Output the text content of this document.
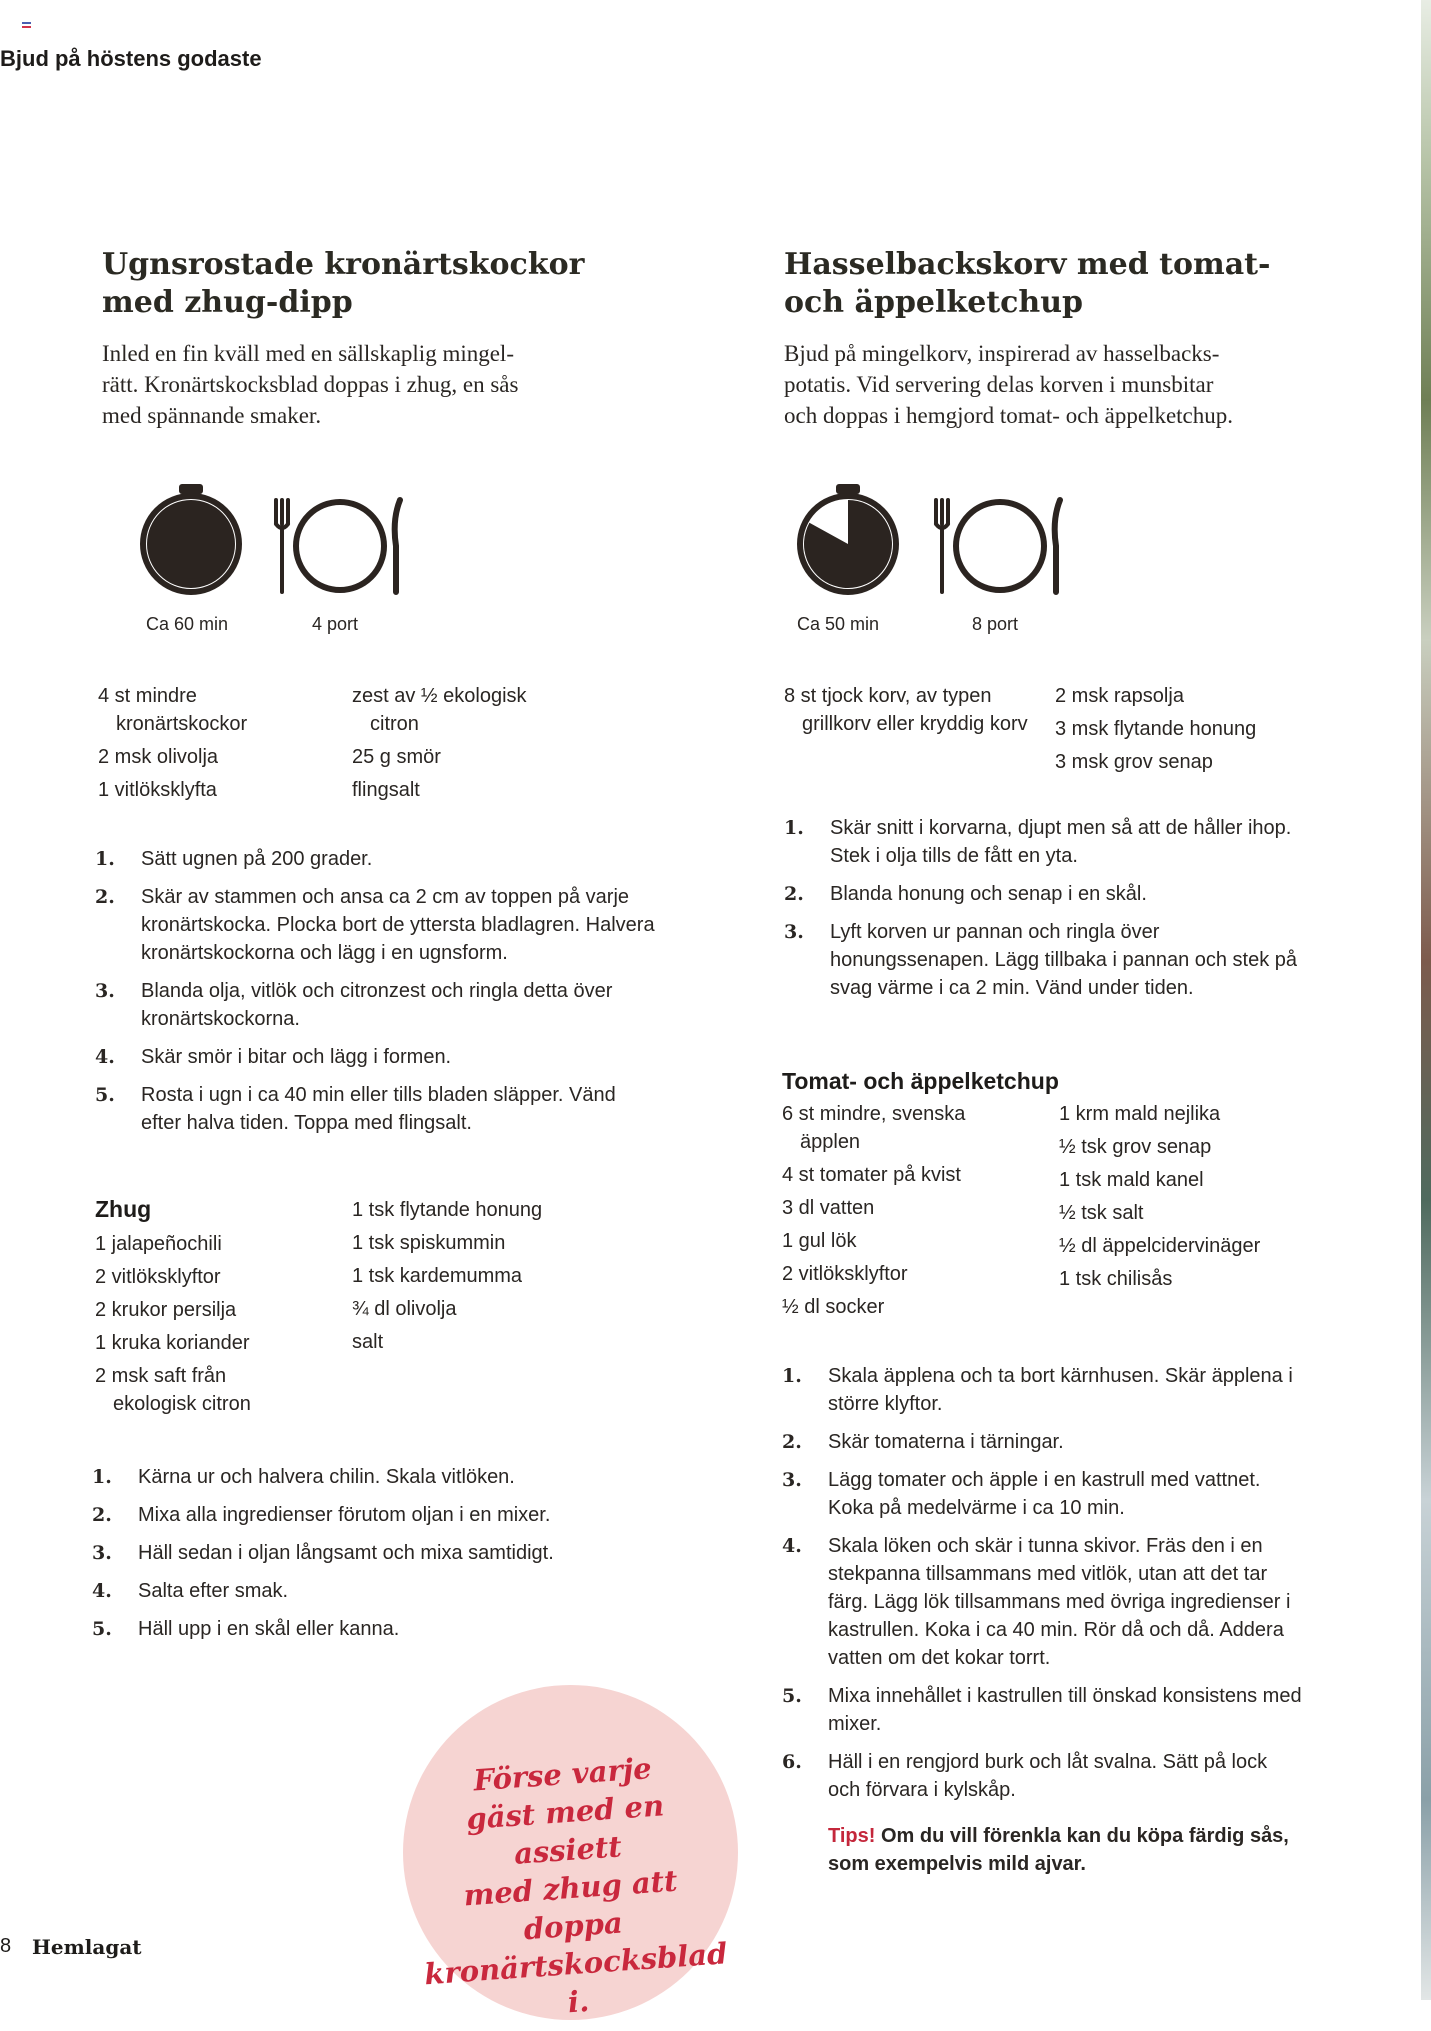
Bjud på höstens godaste
Ugnsrostade kronärtskockor
med zhug-dipp

Inled en fin kväll med en sällskaplig mingel-
rätt. Kronärtskocksblad doppas i zhug, en sås
med spännande smaker.

Ca 60 min	4 port
4 st mindre kronärtskockor
2 msk olivolja
1 vitlöksklyfta
zest av ½ ekologisk citron
25 g smör
flingsalt
1. Sätt ugnen på 200 grader.
2. Skär av stammen och ansa ca 2 cm av toppen på varje kronärtskocka. Plocka bort de yttersta bladlagren. Halvera kronärtskockorna och lägg i en ugnsform.
3. Blanda olja, vitlök och citronzest och ringla detta över kronärtskockorna.
4. Skär smör i bitar och lägg i formen.
5. Rosta i ugn i ca 40 min eller tills bladen släpper. Vänd efter halva tiden. Toppa med flingsalt.
Zhug
1 jalapeñochili
2 vitlöksklyftor
2 krukor persilja
1 kruka koriander
2 msk saft från ekologisk citron
1 tsk flytande honung
1 tsk spiskummin
1 tsk kardemumma
¾ dl olivolja
salt
1. Kärna ur och halvera chilin. Skala vitlöken.
2. Mixa alla ingredienser förutom oljan i en mixer.
3. Häll sedan i oljan långsamt och mixa samtidigt.
4. Salta efter smak.
5. Häll upp i en skål eller kanna.
Förse varje
gäst med en assiett
med zhug att doppa
kronärtskocksblad i.
Hasselbackskorv med tomat-
och äppelketchup

Bjud på mingelkorv, inspirerad av hasselbacks-
potatis. Vid servering delas korven i munsbitar
och doppas i hemgjord tomat- och äppelketchup.

Ca 50 min	8 port
8 st tjock korv, av typen grillkorv eller kryddig korv
2 msk rapsolja
3 msk flytande honung
3 msk grov senap
1. Skär snitt i korvarna, djupt men så att de håller ihop. Stek i olja tills de fått en yta.
2. Blanda honung och senap i en skål.
3. Lyft korven ur pannan och ringla över honungssenapen. Lägg tillbaka i pannan och stek på svag värme i ca 2 min. Vänd under tiden.
Tomat- och äppelketchup
6 st mindre, svenska äpplen
4 st tomater på kvist
3 dl vatten
1 gul lök
2 vitlöksklyftor
½ dl socker
1 krm mald nejlika
½ tsk grov senap
1 tsk mald kanel
½ tsk salt
½ dl äppelcidervinäger
1 tsk chilisås
1. Skala äpplena och ta bort kärnhusen. Skär äpplena i större klyftor.
2. Skär tomaterna i tärningar.
3. Lägg tomater och äpple i en kastrull med vattnet. Koka på medelvärme i ca 10 min.
4. Skala löken och skär i tunna skivor. Fräs den i en stekpanna tillsammans med vitlök, utan att det tar färg. Lägg lök tillsammans med övriga ingredienser i kastrullen. Koka i ca 40 min. Rör då och då. Addera vatten om det kokar torrt.
5. Mixa innehållet i kastrullen till önskad konsistens med mixer.
6. Häll i en rengjord burk och låt svalna. Sätt på lock och förvara i kylskåp.
Tips! Om du vill förenkla kan du köpa färdig sås, som exempelvis mild ajvar.
8 Hemlagat
